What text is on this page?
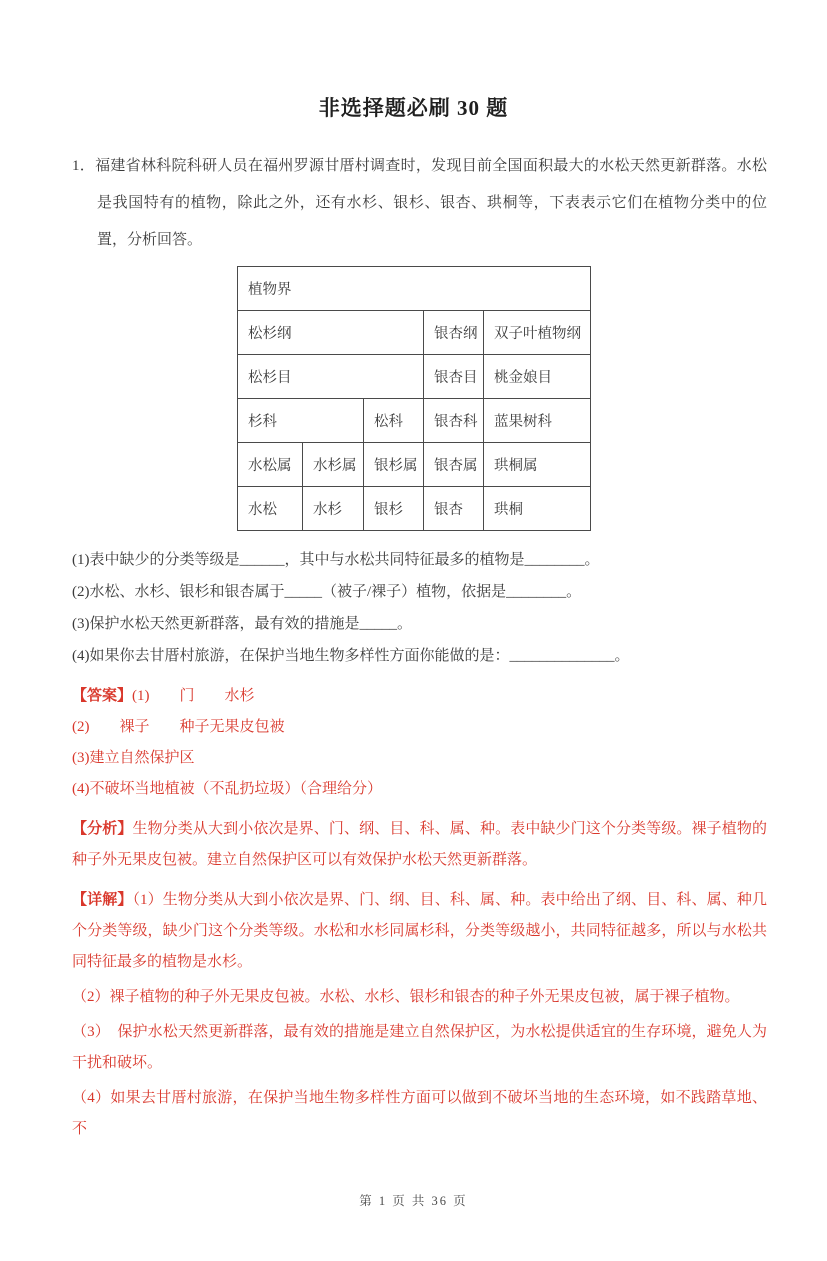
非选择题必刷 30 题

1．福建省林科院科研人员在福州罗源甘厝村调查时，发现目前全国面积最大的水松天然更新群落。水松是我国特有的植物，除此之外，还有水杉、银杉、银杏、珙桐等，下表表示它们在植物分类中的位置，分析回答。

植物界				
松杉纲			银杏纲	双子叶植物纲
松杉目			银杏目	桃金娘目
杉科		松科	银杏科	蓝果树科
水松属	水杉属	银杉属	银杏属	珙桐属
水松	水杉	银杉	银杏	珙桐

(1)表中缺少的分类等级是______，其中与水松共同特征最多的植物是________。

(2)水松、水杉、银杉和银杏属于_____（被子/裸子）植物，依据是________。

(3)保护水松天然更新群落，最有效的措施是_____。

(4)如果你去甘厝村旅游，在保护当地生物多样性方面你能做的是：______________。

【答案】(1)　　门　　水杉

(2)　　裸子　　种子无果皮包被

(3)建立自然保护区

(4)不破坏当地植被（不乱扔垃圾）（合理给分）

【分析】生物分类从大到小依次是界、门、纲、目、科、属、种。表中缺少门这个分类等级。裸子植物的种子外无果皮包被。建立自然保护区可以有效保护水松天然更新群落。

【详解】（1）生物分类从大到小依次是界、门、纲、目、科、属、种。表中给出了纲、目、科、属、种几个分类等级，缺少门这个分类等级。水松和水杉同属杉科，分类等级越小，共同特征越多，所以与水松共同特征最多的植物是水杉。

（2）裸子植物的种子外无果皮包被。水松、水杉、银杉和银杏的种子外无果皮包被，属于裸子植物。

（3）　保护水松天然更新群落，最有效的措施是建立自然保护区，为水松提供适宜的生存环境，避免人为干扰和破坏。

（4）如果去甘厝村旅游，在保护当地生物多样性方面可以做到不破坏当地的生态环境，如不践踏草地、不

第 1 页 共 36 页
